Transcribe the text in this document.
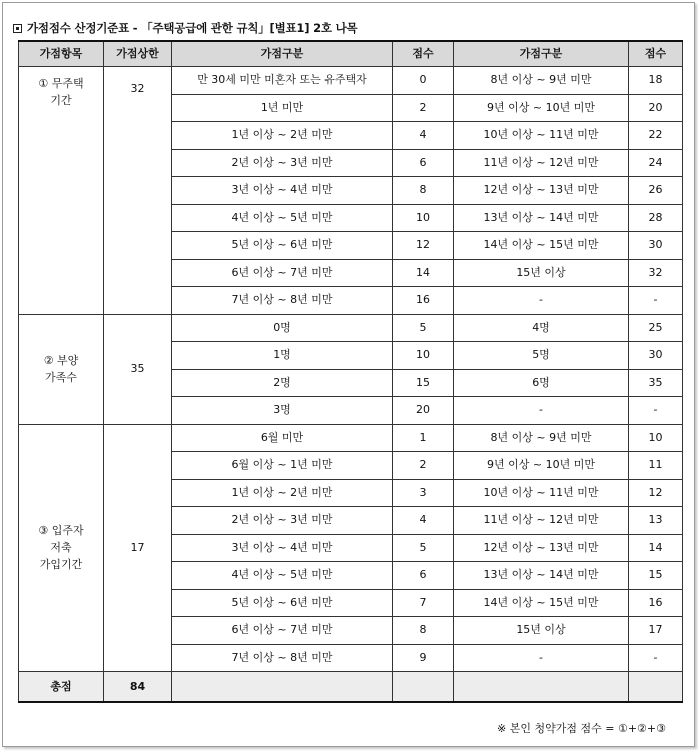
가점점수 산정기준표 - 「주택공급에 관한 규칙」[별표1] 2호 나목
가점항목	가점상한	가점구분	점수	가점구분	점수

① 무주택
기간	32	만 30세 미만 미혼자 또는 유주택자	0	8년 이상 ~ 9년 미만	18
		1년 미만	2	9년 이상 ~ 10년 미만	20
		1년 이상 ~ 2년 미만	4	10년 이상 ~ 11년 미만	22
		2년 이상 ~ 3년 미만	6	11년 이상 ~ 12년 미만	24
		3년 이상 ~ 4년 미만	8	12년 이상 ~ 13년 미만	26
		4년 이상 ~ 5년 미만	10	13년 이상 ~ 14년 미만	28
		5년 이상 ~ 6년 미만	12	14년 이상 ~ 15년 미만	30
		6년 이상 ~ 7년 미만	14	15년 이상	32
		7년 이상 ~ 8년 미만	16	-	-

② 부양
가족수	35	0명	5	4명	25
		1명	10	5명	30
		2명	15	6명	35
		3명	20	-	-

③ 입주자
저축
가입기간	17	6월 미만	1	8년 이상 ~ 9년 미만	10
		6월 이상 ~ 1년 미만	2	9년 이상 ~ 10년 미만	11
		1년 이상 ~ 2년 미만	3	10년 이상 ~ 11년 미만	12
		2년 이상 ~ 3년 미만	4	11년 이상 ~ 12년 미만	13
		3년 이상 ~ 4년 미만	5	12년 이상 ~ 13년 미만	14
		4년 이상 ~ 5년 미만	6	13년 이상 ~ 14년 미만	15
		5년 이상 ~ 6년 미만	7	14년 이상 ~ 15년 미만	16
		6년 이상 ~ 7년 미만	8	15년 이상	17
		7년 이상 ~ 8년 미만	9	-	-
총점	84				
※ 본인 청약가점 점수 = ①+②+③
